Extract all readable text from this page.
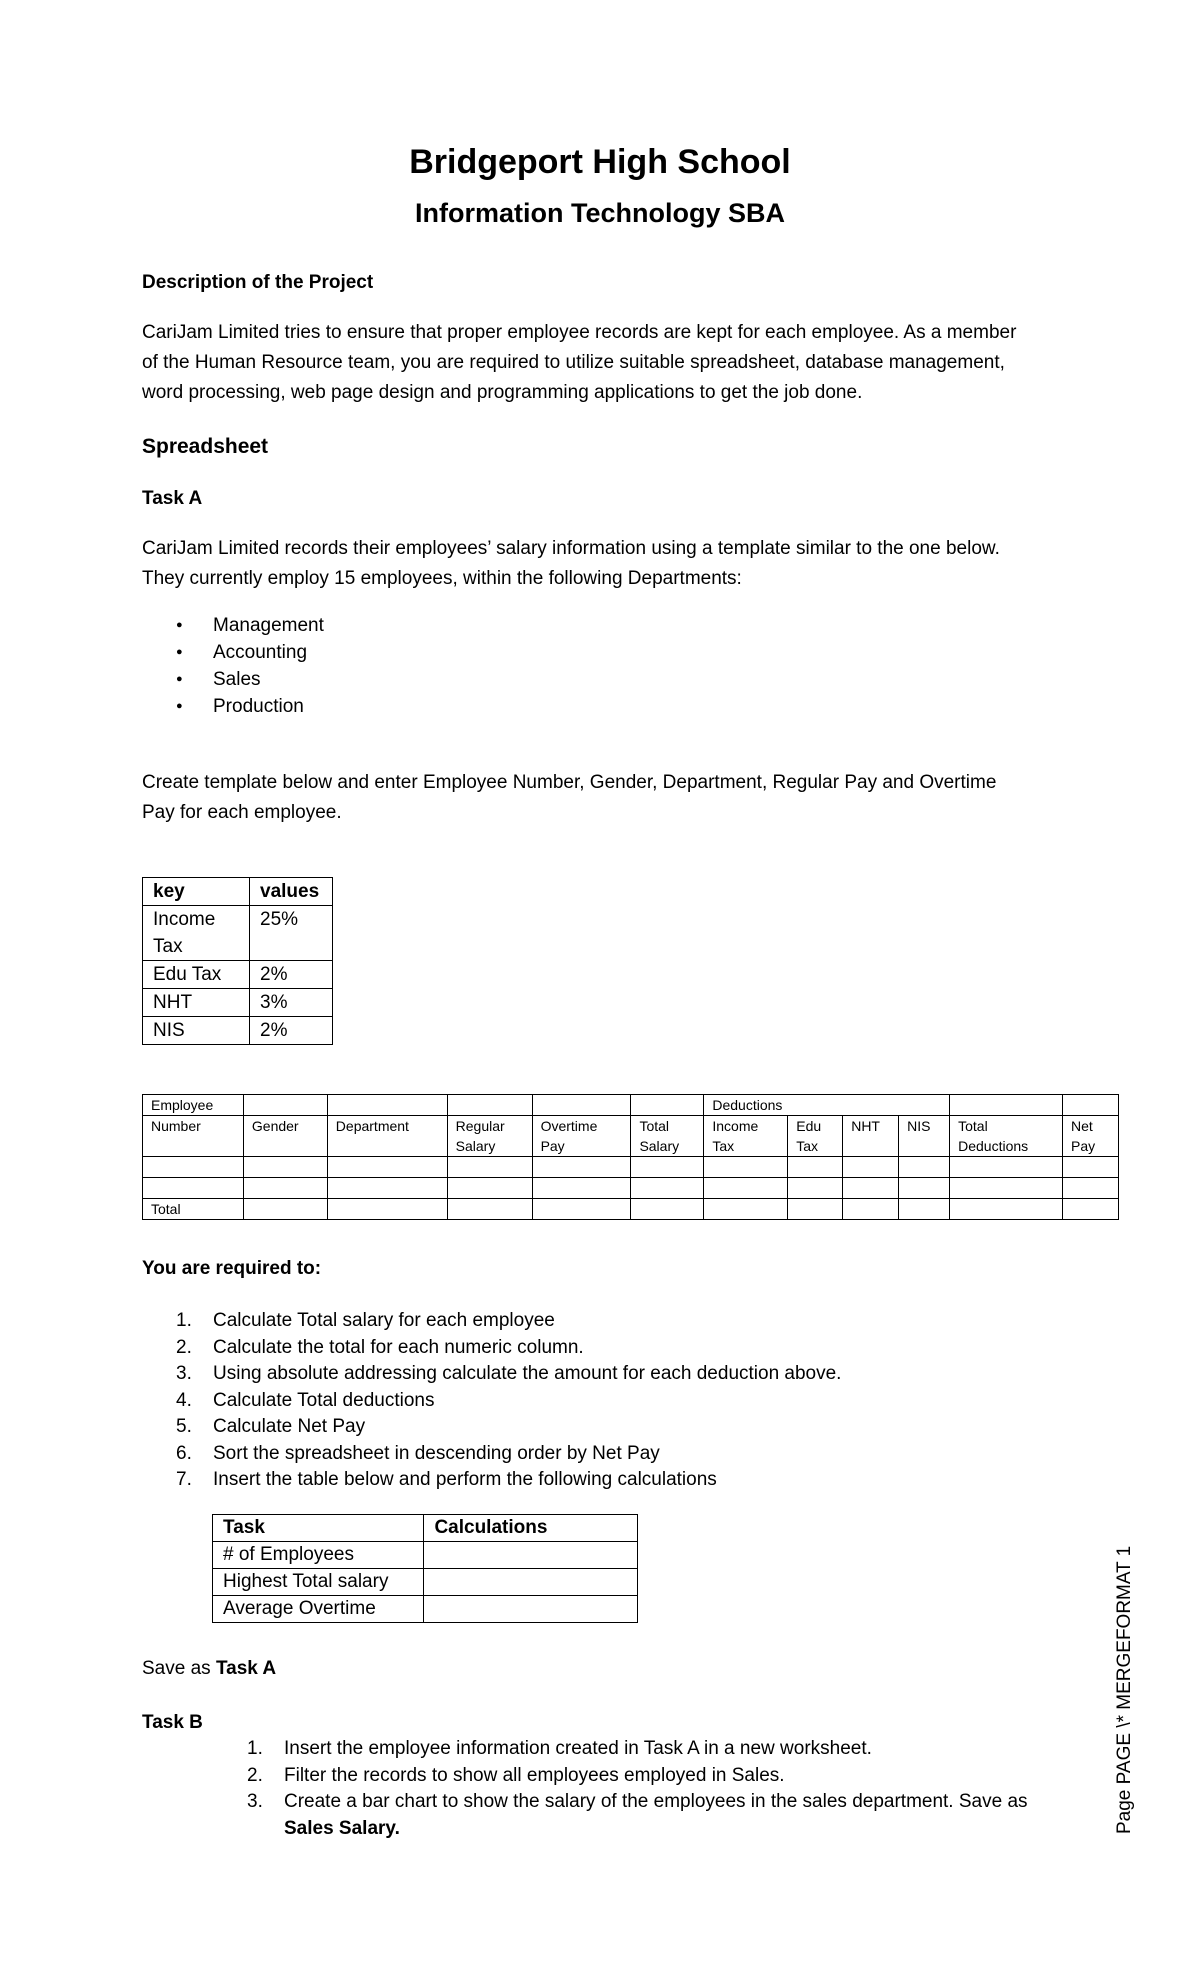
Bridgeport High School
Information Technology SBA
Description of the Project
CariJam Limited tries to ensure that proper employee records are kept for each employee. As a member
of the Human Resource team, you are required to utilize suitable spreadsheet, database management,
word processing, web page design and programming applications to get the job done.
Spreadsheet
Task A
CariJam Limited records their employees’ salary information using a template similar to the one below.
They currently employ 15 employees, within the following Departments:
● Management
● Accounting
● Sales
● Production
Create template below and enter Employee Number, Gender, Department, Regular Pay and Overtime
Pay for each employee.
key	values
Income Tax	25%
Edu Tax	2%
NHT	3%
NIS	2%
Employee						Deductions					
Number	Gender	Department	Regular Salary	Overtime Pay	Total Salary	Income Tax	Edu Tax	NHT	NIS	Total Deductions	Net Pay

Total											
You are required to:
1. Calculate Total salary for each employee
2. Calculate the total for each numeric column.
3. Using absolute addressing calculate the amount for each deduction above.
4. Calculate Total deductions
5. Calculate Net Pay
6. Sort the spreadsheet in descending order by Net Pay
7. Insert the table below and perform the following calculations
Task	Calculations
# of Employees	
Highest Total salary	
Average Overtime	
Save as Task A
Task B
1. Insert the employee information created in Task A in a new worksheet.
2. Filter the records to show all employees employed in Sales.
3. Create a bar chart to show the salary of the employees in the sales department. Save as
Sales Salary.	Page PAGE \* MERGEFORMAT 1
